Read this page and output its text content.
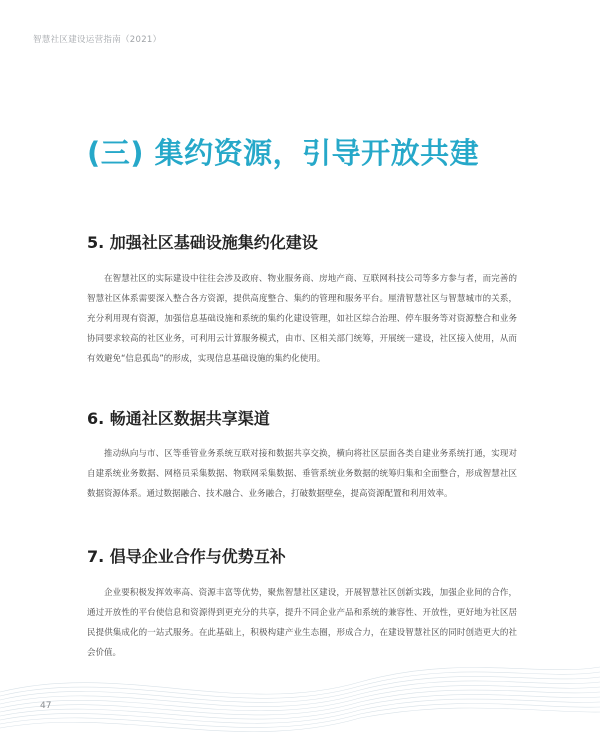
智慧社区建设运营指南（2021）
(三) 集约资源，引导开放共建
5. 加强社区基础设施集约化建设

在智慧社区的实际建设中往往会涉及政府、物业服务商、房地产商、互联网科技公司等多方参与者，而完善的智慧社区体系需要深入整合各方资源，提供高度整合、集约的管理和服务平台。厘清智慧社区与智慧城市的关系，充分利用现有资源，加强信息基础设施和系统的集约化建设管理，如社区综合治理、停车服务等对资源整合和业务协同要求较高的社区业务，可利用云计算服务模式，由市、区相关部门统筹，开展统一建设，社区接入使用，从而有效避免“信息孤岛”的形成，实现信息基础设施的集约化使用。

6. 畅通社区数据共享渠道

推动纵向与市、区等垂管业务系统互联对接和数据共享交换，横向将社区层面各类自建业务系统打通，实现对自建系统业务数据、网格员采集数据、物联网采集数据、垂管系统业务数据的统筹归集和全面整合，形成智慧社区数据资源体系。通过数据融合、技术融合、业务融合，打破数据壁垒，提高资源配置和利用效率。

7. 倡导企业合作与优势互补

企业要积极发挥效率高、资源丰富等优势，聚焦智慧社区建设，开展智慧社区创新实践，加强企业间的合作，通过开放性的平台使信息和资源得到更充分的共享，提升不同企业产品和系统的兼容性、开放性，更好地为社区居民提供集成化的一站式服务。在此基础上，积极构建产业生态圈，形成合力，在建设智慧社区的同时创造更大的社会价值。

47
